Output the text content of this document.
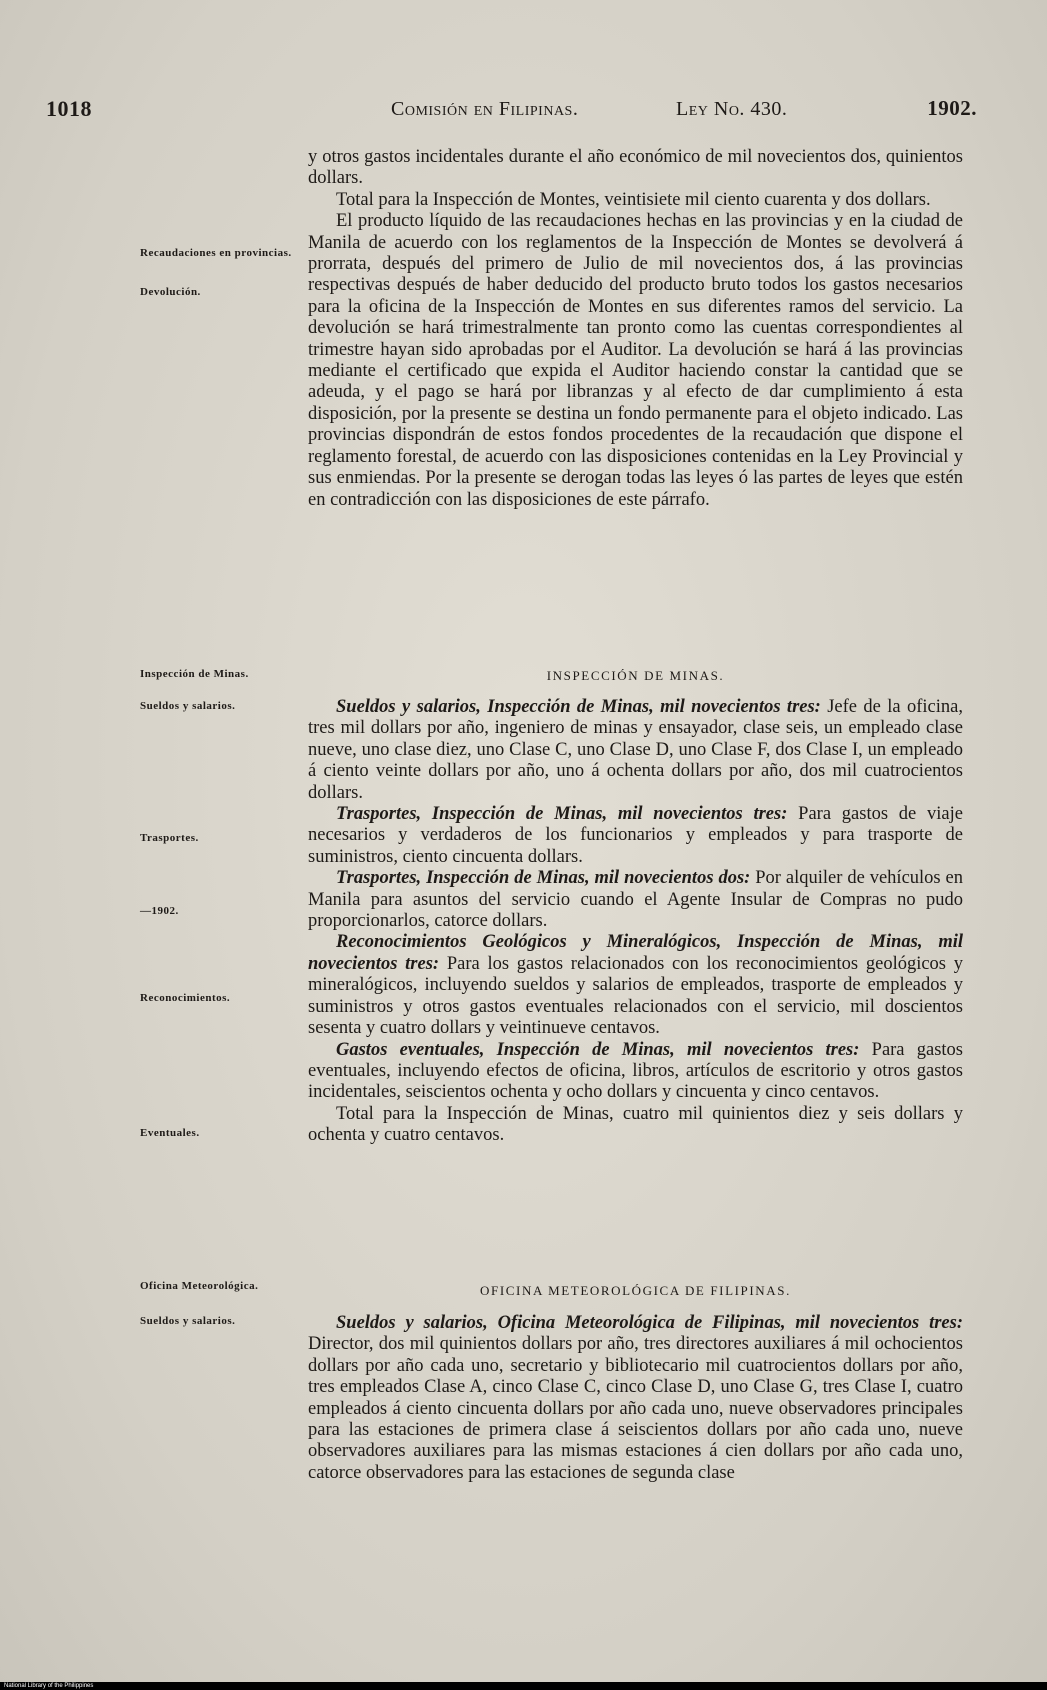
1018	Comisión en Filipinas.	Ley No. 430.	1902.
Recaudaciones en provincias.
Devolución.
Inspección de Minas.
Sueldos y salarios.
Trasportes.
—1902.
Reconocimientos.
Eventuales.
Oficina Meteorológica.
Sueldos y salarios.

y otros gastos incidentales durante el año económico de mil novecientos dos, quinientos dollars.

Total para la Inspección de Montes, veintisiete mil ciento cuarenta y dos dollars.

El producto líquido de las recaudaciones hechas en las provincias y en la ciudad de Manila de acuerdo con los reglamentos de la Inspección de Montes se devolverá á prorrata, después del primero de Julio de mil novecientos dos, á las provincias respectivas después de haber deducido del producto bruto todos los gastos necesarios para la oficina de la Inspección de Montes en sus diferentes ramos del servicio. La devolución se hará trimestralmente tan pronto como las cuentas correspondientes al trimestre hayan sido aprobadas por el Auditor. La devolución se hará á las provincias mediante el certificado que expida el Auditor haciendo constar la cantidad que se adeuda, y el pago se hará por libranzas y al efecto de dar cumplimiento á esta disposición, por la presente se destina un fondo permanente para el objeto indicado. Las provincias dispondrán de estos fondos procedentes de la recaudación que dispone el reglamento forestal, de acuerdo con las disposiciones contenidas en la Ley Provincial y sus enmiendas. Por la presente se derogan todas las leyes ó las partes de leyes que estén en contradicción con las disposiciones de este párrafo.

INSPECCIÓN DE MINAS.

Sueldos y salarios, Inspección de Minas, mil novecientos tres: Jefe de la oficina, tres mil dollars por año, ingeniero de minas y ensayador, clase seis, un empleado clase nueve, uno clase diez, uno Clase C, uno Clase D, uno Clase F, dos Clase I, un empleado á ciento veinte dollars por año, uno á ochenta dollars por año, dos mil cuatrocientos dollars.

Trasportes, Inspección de Minas, mil novecientos tres: Para gastos de viaje necesarios y verdaderos de los funcionarios y empleados y para trasporte de suministros, ciento cincuenta dollars.

Trasportes, Inspección de Minas, mil novecientos dos: Por alquiler de vehículos en Manila para asuntos del servicio cuando el Agente Insular de Compras no pudo proporcionarlos, catorce dollars.

Reconocimientos Geológicos y Mineralógicos, Inspección de Minas, mil novecientos tres: Para los gastos relacionados con los reconocimientos geológicos y mineralógicos, incluyendo sueldos y salarios de empleados, trasporte de empleados y suministros y otros gastos eventuales relacionados con el servicio, mil doscientos sesenta y cuatro dollars y veintinueve centavos.

Gastos eventuales, Inspección de Minas, mil novecientos tres: Para gastos eventuales, incluyendo efectos de oficina, libros, artículos de escritorio y otros gastos incidentales, seiscientos ochenta y ocho dollars y cincuenta y cinco centavos.

Total para la Inspección de Minas, cuatro mil quinientos diez y seis dollars y ochenta y cuatro centavos.

OFICINA METEOROLÓGICA DE FILIPINAS.

Sueldos y salarios, Oficina Meteorológica de Filipinas, mil novecientos tres: Director, dos mil quinientos dollars por año, tres directores auxiliares á mil ochocientos dollars por año cada uno, secretario y bibliotecario mil cuatrocientos dollars por año, tres empleados Clase A, cinco Clase C, cinco Clase D, uno Clase G, tres Clase I, cuatro empleados á ciento cincuenta dollars por año cada uno, nueve observadores principales para las estaciones de primera clase á seiscientos dollars por año cada uno, nueve observadores auxiliares para las mismas estaciones á cien dollars por año cada uno, catorce observadores para las estaciones de segunda clase

National Library of the Philippines
